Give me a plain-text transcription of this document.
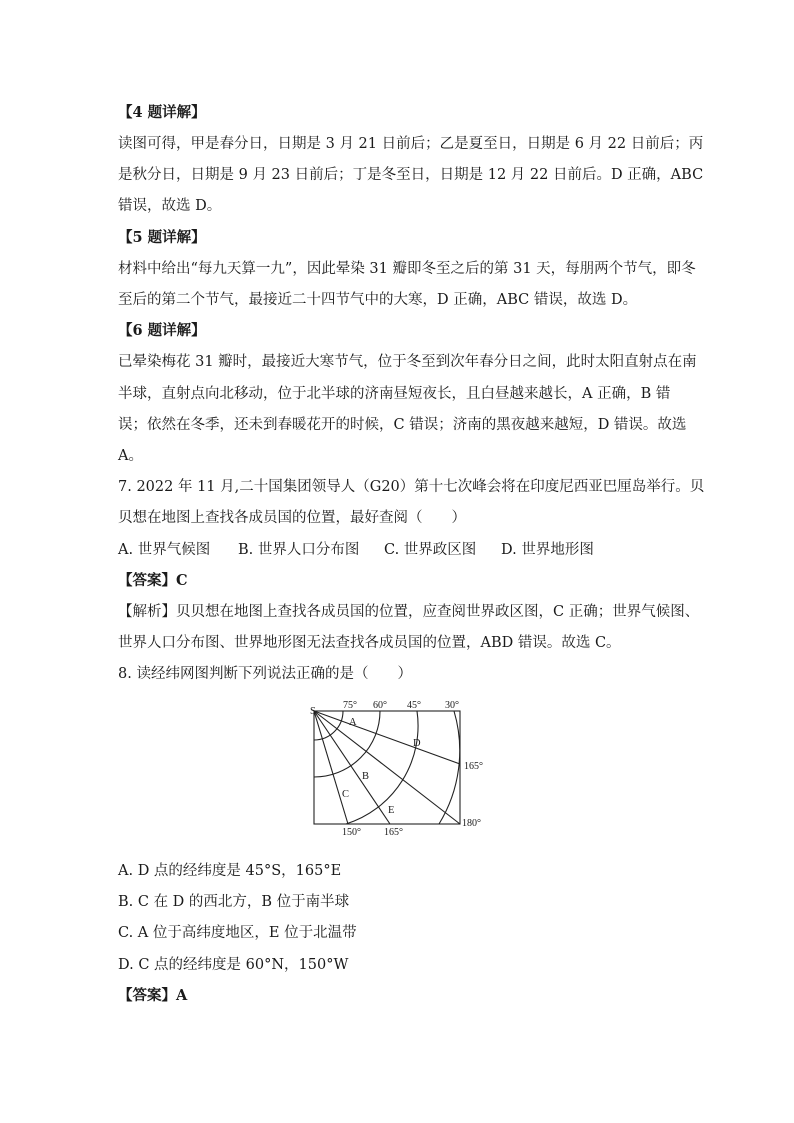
【4 题详解】
读图可得，甲是春分日，日期是 3 月 21 日前后；乙是夏至日，日期是 6 月 22 日前后；丙
是秋分日，日期是 9 月 23 日前后；丁是冬至日，日期是 12 月 22 日前后。D 正确，ABC
错误，故选 D。
【5 题详解】
材料中给出“每九天算一九”，因此晕染 31 瓣即冬至之后的第 31 天，每朋两个节气，即冬
至后的第二个节气，最接近二十四节气中的大寒，D 正确，ABC 错误，故选 D。
【6 题详解】
已晕染梅花 31 瓣时，最接近大寒节气，位于冬至到次年春分日之间，此时太阳直射点在南
半球，直射点向北移动，位于北半球的济南昼短夜长，且白昼越来越长，A 正确，B 错
误；依然在冬季，还未到春暖花开的时候，C 错误；济南的黑夜越来越短，D 错误。故选
A。
7. 2022 年 11 月,二十国集团领导人（G20）第十七次峰会将在印度尼西亚巴厘岛举行。贝
贝想在地图上查找各成员国的位置，最好查阅（　　）
A. 世界气候图 B. 世界人口分布图 C. 世界政区图 D. 世界地形图
【答案】C
【解析】贝贝想在地图上查找各成员国的位置，应查阅世界政区图，C 正确；世界气候图、
世界人口分布图、世界地形图无法查找各成员国的位置，ABD 错误。故选 C。
8. 读经纬网图判断下列说法正确的是（　　）
S
75° 60° 45° 30°
165°
180°
150° 165°
A
B
C
D
E
A. D 点的经纬度是 45°S，165°E
B. C 在 D 的西北方，B 位于南半球
C. A 位于高纬度地区，E 位于北温带
D. C 点的经纬度是 60°N，150°W
【答案】A
